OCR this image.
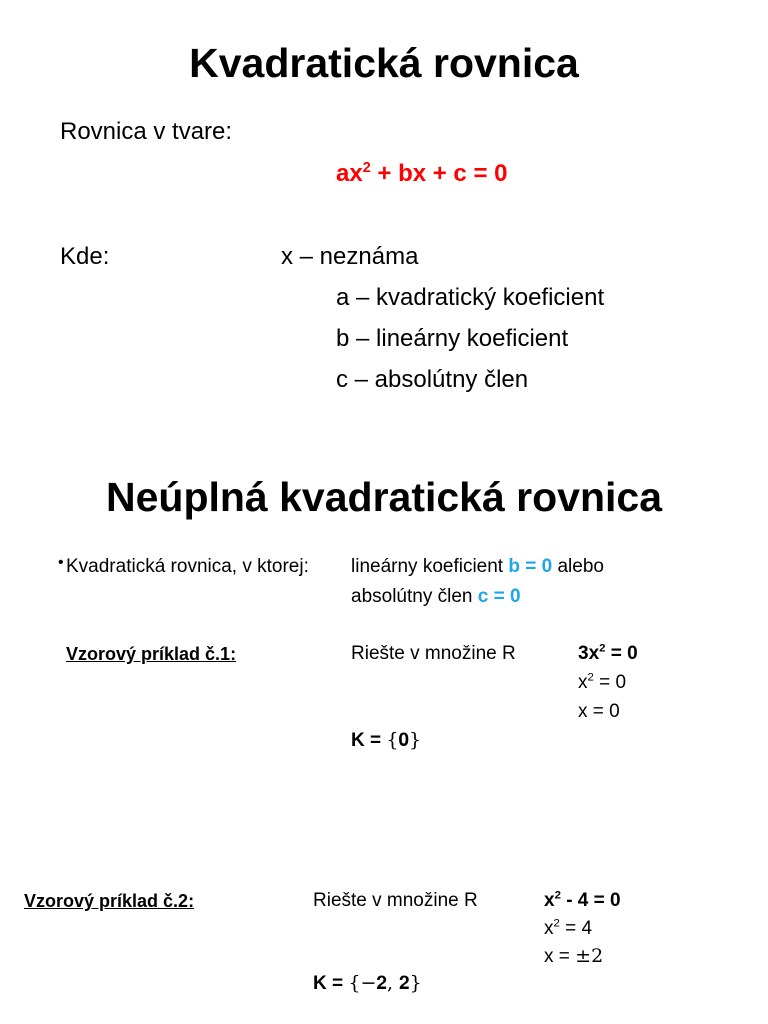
Kvadratická rovnica
Rovnica v tvare:
$ax^2$ + bx + c = 0
Kde:	x – neznáma
a – kvadratický koeficient
b – lineárny koeficient
c – absolútny člen
Neúplná kvadratická rovnica
• Kvadratická rovnica, v ktorej: lineárny koeficient b = 0 alebo
absolútny člen c = 0
Vzorový príklad č.1:	Riešte v množine R	$3x^2 = 0$
$x^2 = 0$
x = 0
K = {𝟎}
Vzorový príklad č.2:	Riešte v množine R	$x^2 - 4 = 0$
$x^2 = 4$
x = ±2
K = {−𝟐, 𝟐}
